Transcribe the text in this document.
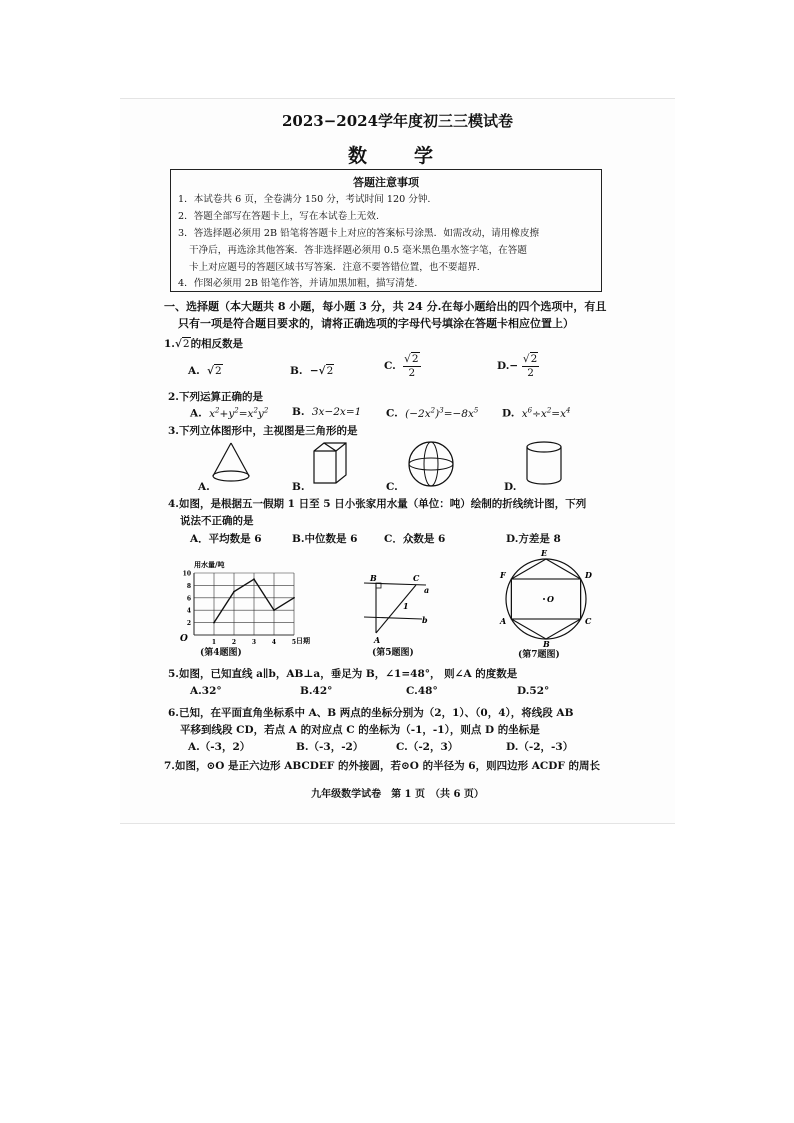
2023−2024学年度初三三模试卷
数　学
答题注意事项
1．本试卷共 6 页，全卷满分 150 分，考试时间 120 分钟.
2．答题全部写在答题卡上，写在本试卷上无效.
3．答选择题必须用 2B 铅笔将答题卡上对应的答案标号涂黑．如需改动，请用橡皮擦
干净后，再选涂其他答案．答非选择题必须用 0.5 毫米黑色墨水签字笔，在答题
卡上对应题号的答题区域书写答案．注意不要答错位置，也不要超界.
4．作图必须用 2B 铅笔作答，并请加黑加粗，描写清楚.
一、选择题（本大题共 8 小题，每小题 3 分，共 24 分.在每小题给出的四个选项中，有且
只有一项是符合题目要求的，请将正确选项的字母代号填涂在答题卡相应位置上）
1.√2的相反数是
A. √2	B. −√2	C. $\frac{√2}{2}$	$D.- \frac{√2}{2}$
2.下列运算正确的是
A. $x^2+y^2=x^2y^2$ B. 3x−2x=1 C. $(-2x^2)^3=-8x^5$ D. $x^6\div x^2=x^4$
3.下列立体图形中，主视图是三角形的是
A.	B.	C.	D.
4.如图，是根据五一假期 1 日至 5 日小张家用水量（单位：吨）绘制的折线统计图，下列
说法不正确的是
A．平均数是 6	B.中位数是 6	C．众数是 6	D.方差是 8
10
8
6
4
2
1	2	3	4	5
用水量/吨
日期
O
(第4题图)
B	C
a
1
b
A
(第5题图)
E
F	D
O
A	C
B
(第7题图)
5.如图，已知直线 a∥b，AB⊥a，垂足为 B，∠1=48°， 则∠A 的度数是
A.32°	B.42°	C.48°	D.52°
6.已知，在平面直角坐标系中 A、B 两点的坐标分别为（2，1）、（0，4），将线段 AB
平移到线段 CD，若点 A 的对应点 C 的坐标为（-1，-1），则点 D 的坐标是
A.（-3，2）	B.（-3，-2）	C.（-2，3）	D.（-2，-3）
7.如图，⊙O 是正六边形 ABCDEF 的外接圆，若⊙O 的半径为 6，则四边形 ACDF 的周长
九年级数学试卷　第 1 页　（共 6 页）
